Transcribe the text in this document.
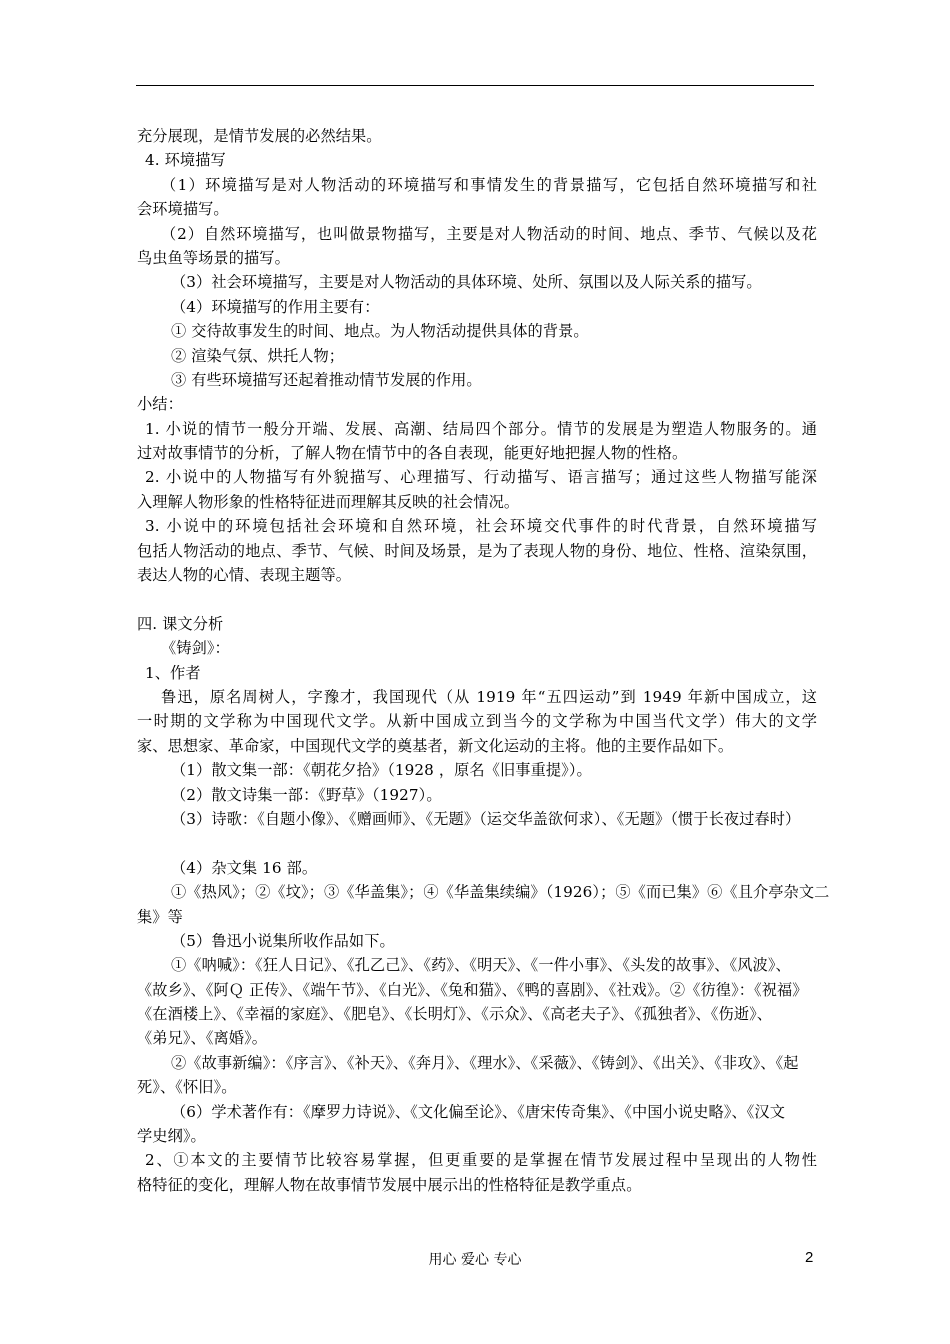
充分展现，是情节发展的必然结果。
4. 环境描写
（1）环境描写是对人物活动的环境描写和事情发生的背景描写，它包括自然环境描写和社
会环境描写。
（2）自然环境描写，也叫做景物描写，主要是对人物活动的时间、地点、季节、气候以及花
鸟虫鱼等场景的描写。
（3）社会环境描写，主要是对人物活动的具体环境、处所、氛围以及人际关系的描写。
（4）环境描写的作用主要有：
① 交待故事发生的时间、地点。为人物活动提供具体的背景。
② 渲染气氛、烘托人物；
③ 有些环境描写还起着推动情节发展的作用。
小结：
1. 小说的情节一般分开端、发展、高潮、结局四个部分。情节的发展是为塑造人物服务的。通
过对故事情节的分析，了解人物在情节中的各自表现，能更好地把握人物的性格。
2. 小说中的人物描写有外貌描写、心理描写、行动描写、语言描写；通过这些人物描写能深
入理解人物形象的性格特征进而理解其反映的社会情况。
3. 小说中的环境包括社会环境和自然环境，社会环境交代事件的时代背景，自然环境描写
包括人物活动的地点、季节、气候、时间及场景，是为了表现人物的身份、地位、性格、渲染氛围，
表达人物的心情、表现主题等。
四. 课文分析
《铸剑》：
1、作者
鲁迅，原名周树人，字豫才，我国现代（从 1919 年“五四运动”到 1949 年新中国成立，这
一时期的文学称为中国现代文学。从新中国成立到当今的文学称为中国当代文学）伟大的文学
家、思想家、革命家，中国现代文学的奠基者，新文化运动的主将。他的主要作品如下。
（1）散文集一部：《朝花夕拾》（1928 ，原名《旧事重提》）。
（2）散文诗集一部：《野草》（1927）。
（3）诗歌：《自题小像》、《赠画师》、《无题》（运交华盖欲何求）、《无题》（惯于长夜过春时）
（4）杂文集 16 部。
①《热风》；②《坟》；③《华盖集》；④《华盖集续编》（1926）；⑤《而已集》⑥《且介亭杂文二
集》等
（5）鲁迅小说集所收作品如下。
①《呐喊》：《狂人日记》、《孔乙己》、《药》、《明天》、《一件小事》、《头发的故事》、《风波》、
《故乡》、《阿Ｑ 正传》、《端午节》、《白光》、《兔和猫》、《鸭的喜剧》、《社戏》。②《彷徨》：《祝福》
《在酒楼上》、《幸福的家庭》、《肥皂》、《长明灯》、《示众》、《高老夫子》、《孤独者》、《伤逝》、
《弟兄》、《离婚》。
②《故事新编》：《序言》、《补天》、《奔月》、《理水》、《采薇》、《铸剑》、《出关》、《非攻》、《起
死》、《怀旧》。
（6）学术著作有：《摩罗力诗说》、《文化偏至论》、《唐宋传奇集》、《中国小说史略》、《汉文
学史纲》。
2、①本文的主要情节比较容易掌握，但更重要的是掌握在情节发展过程中呈现出的人物性
格特征的变化，理解人物在故事情节发展中展示出的性格特征是教学重点。
用心 爱心 专心	2
